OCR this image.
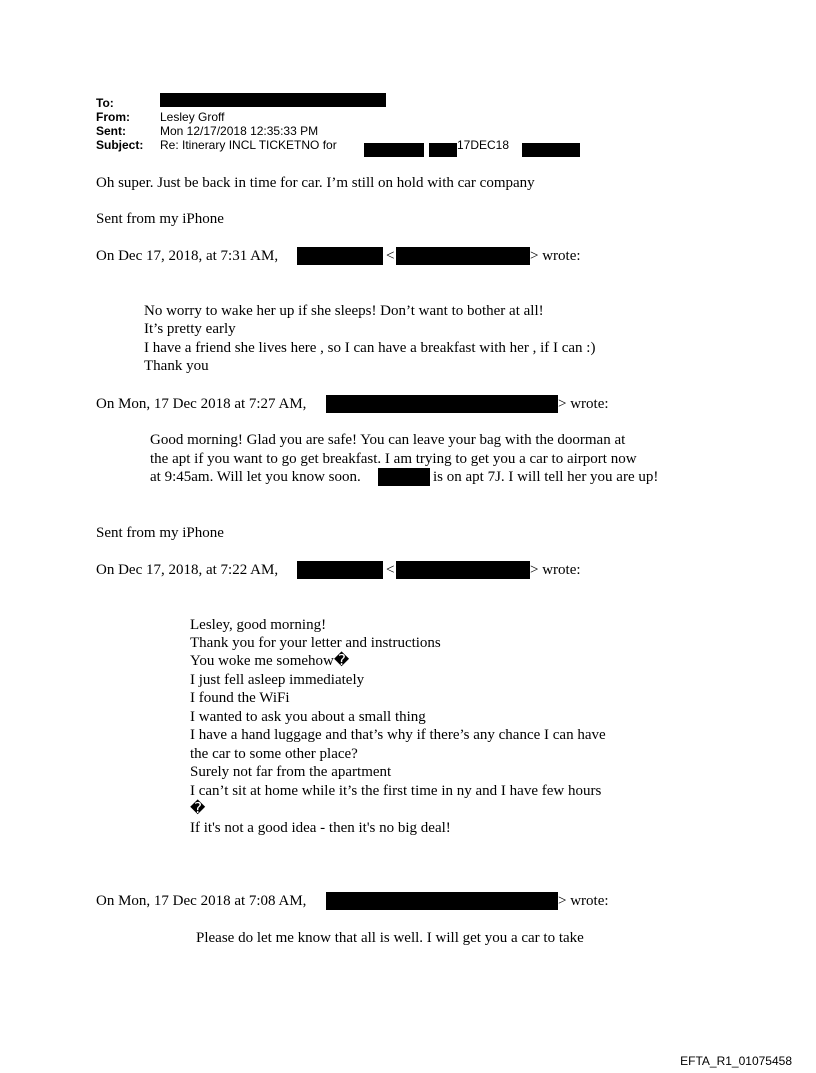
To:
From:	Lesley Groff
Sent:	Mon 12/17/2018 12:35:33 PM
Subject:	Re: Itinerary INCL TICKETNO for	17DEC18
Oh super. Just be back in time for car. I’m still on hold with car company
Sent from my iPhone
On Dec 17, 2018, at 7:31 AM,	<	> wrote:
No worry to wake her up if she sleeps! Don’t want to bother at all!
It’s pretty early
I have a friend she lives here , so I can have a breakfast with her , if I can :)
Thank you
On Mon, 17 Dec 2018 at 7:27 AM,	> wrote:
Good morning! Glad you are safe! You can leave your bag with the doorman at
the apt if you want to go get breakfast. I am trying to get you a car to airport now
at 9:45am. Will let you know soon.	is on apt 7J. I will tell her you are up!
Sent from my iPhone
On Dec 17, 2018, at 7:22 AM,	<	> wrote:
Lesley, good morning!
Thank you for your letter and instructions
You woke me somehow�
I just fell asleep immediately
I found the WiFi
I wanted to ask you about a small thing
I have a hand luggage and that’s why if there’s any chance I can have
the car to some other place?
Surely not far from the apartment
I can’t sit at home while it’s the first time in ny and I have few hours
�
If it's not a good idea - then it's no big deal!
On Mon, 17 Dec 2018 at 7:08 AM,	> wrote:
Please do let me know that all is well. I will get you a car to take
EFTA_R1_01075458
